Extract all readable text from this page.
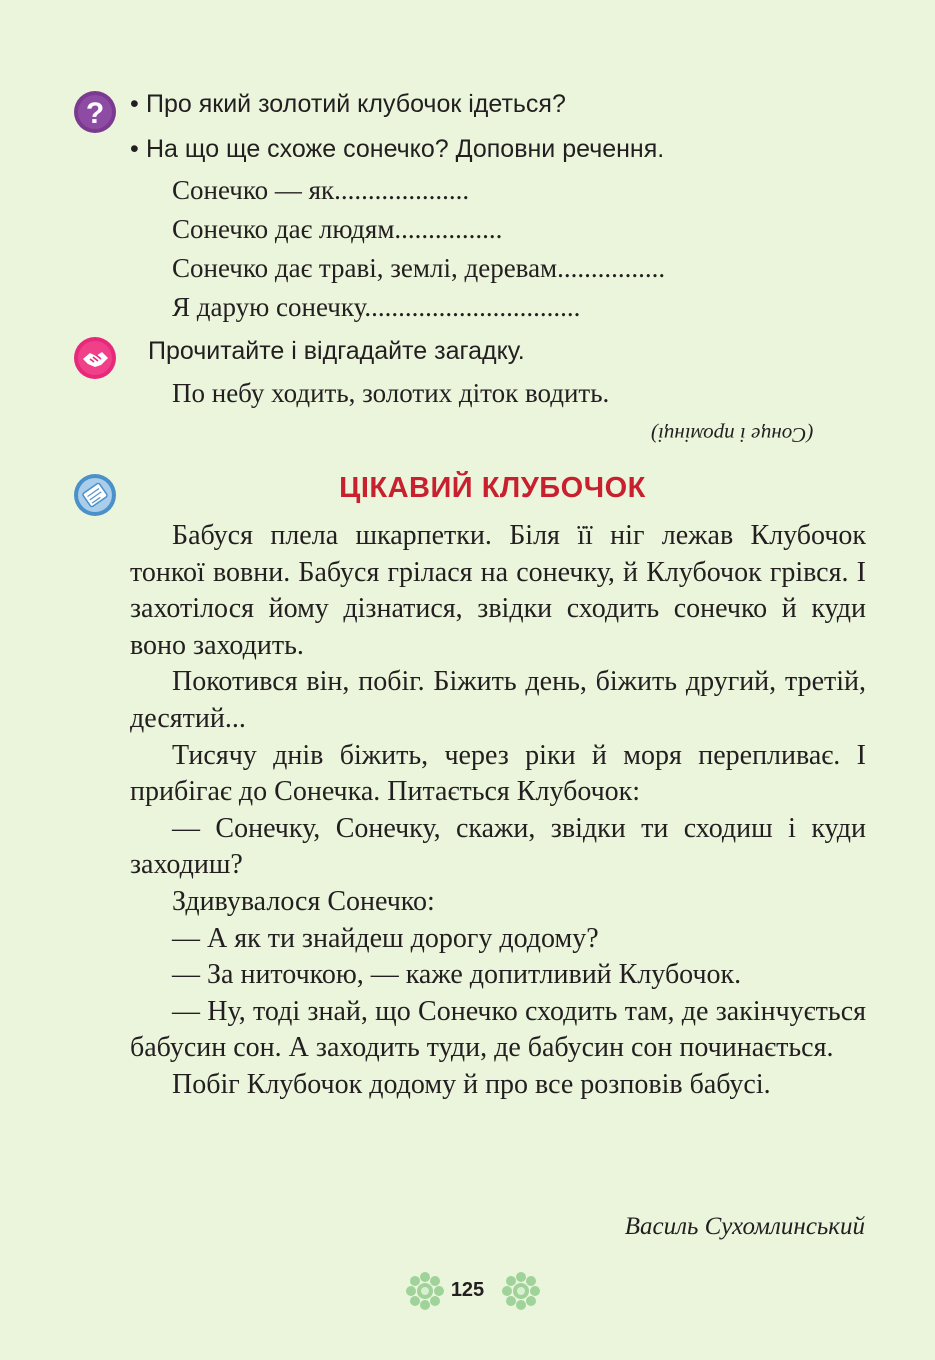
? • Про який золотий клубочок ідеться?
• На що ще схоже сонечко? Доповни речення.
Сонечко — як....................
Сонечко дає людям................
Сонечко дає траві, землі, деревам................
Я дарую сонечку................................
Прочитайте і відгадайте загадку.
По небу ходить, золотих діток водить.
(Сонце і промінці)
ЦІКАВИЙ КЛУБОЧОК

Бабуся плела шкарпетки. Біля її ніг лежав Клубочок тонкої вовни. Бабуся грілася на сонечку, й Клубочок грівся. І захотілося йому дізнатися, звідки сходить сонечко й куди воно заходить.

Покотився він, побіг. Біжить день, біжить другий, третій, десятий...

Тисячу днів біжить, через ріки й моря перепливає. І прибігає до Сонечка. Питається Клубочок:

— Сонечку, Сонечку, скажи, звідки ти сходиш і куди заходиш?

Здивувалося Сонечко:

— А як ти знайдеш дорогу додому?

— За ниточкою, — каже допитливий Клубочок.

— Ну, тоді знай, що Сонечко сходить там, де закінчується бабусин сон. А заходить туди, де бабусин сон починається.

Побіг Клубочок додому й про все розповів бабусі.

Василь Сухомлинський
125
